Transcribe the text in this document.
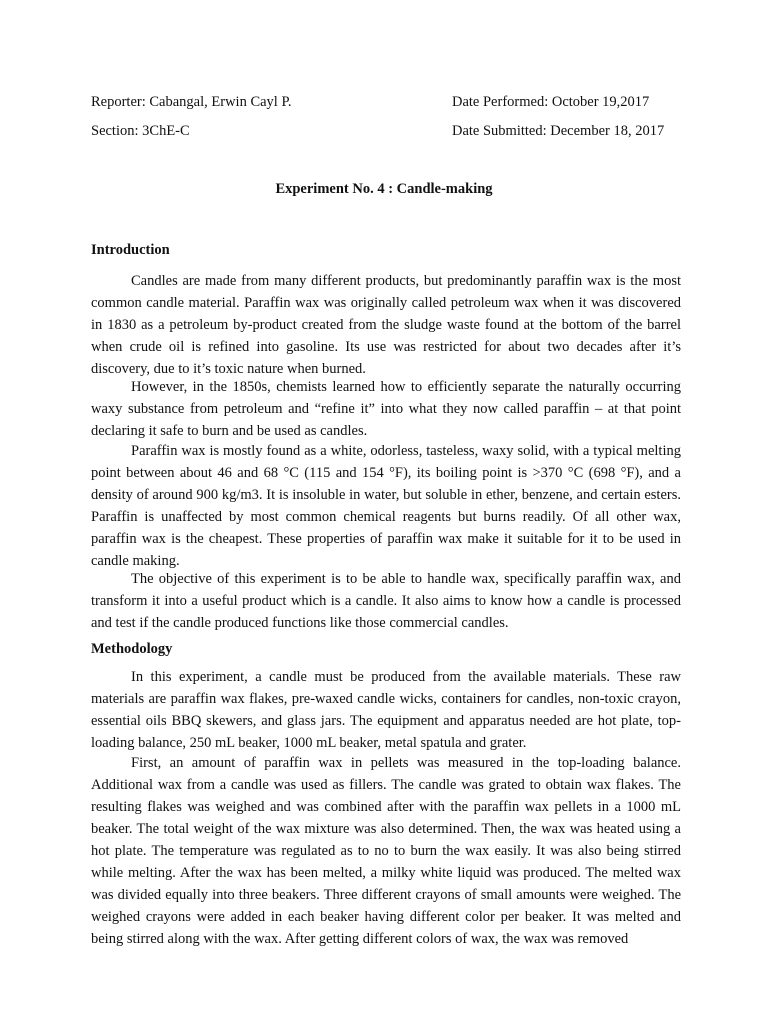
Reporter: Cabangal, Erwin Cayl P.	Date Performed: October 19,2017
Section: 3ChE-C	Date Submitted: December 18, 2017
Experiment No. 4 : Candle-making
Introduction

Candles are made from many different products, but predominantly paraffin wax is the most common candle material. Paraffin wax was originally called petroleum wax when it was discovered in 1830 as a petroleum by-product created from the sludge waste found at the bottom of the barrel when crude oil is refined into gasoline. Its use was restricted for about two decades after it’s discovery, due to it’s toxic nature when burned.

However, in the 1850s, chemists learned how to efficiently separate the naturally occurring waxy substance from petroleum and “refine it” into what they now called paraffin – at that point declaring it safe to burn and be used as candles.

Paraffin wax is mostly found as a white, odorless, tasteless, waxy solid, with a typical melting point between about 46 and 68 °C (115 and 154 °F), its boiling point is >370 °C (698 °F), and a density of around 900 kg/m3. It is insoluble in water, but soluble in ether, benzene, and certain esters. Paraffin is unaffected by most common chemical reagents but burns readily. Of all other wax, paraffin wax is the cheapest. These properties of paraffin wax make it suitable for it to be used in candle making.

The objective of this experiment is to be able to handle wax, specifically paraffin wax, and transform it into a useful product which is a candle. It also aims to know how a candle is processed and test if the candle produced functions like those commercial candles.

Methodology

In this experiment, a candle must be produced from the available materials. These raw materials are paraffin wax flakes, pre-waxed candle wicks, containers for candles, non-toxic crayon, essential oils BBQ skewers, and glass jars. The equipment and apparatus needed are hot plate, top-loading balance, 250 mL beaker, 1000 mL beaker, metal spatula and grater.

First, an amount of paraffin wax in pellets was measured in the top-loading balance. Additional wax from a candle was used as fillers. The candle was grated to obtain wax flakes. The resulting flakes was weighed and was combined after with the paraffin wax pellets in a 1000 mL beaker. The total weight of the wax mixture was also determined. Then, the wax was heated using a hot plate. The temperature was regulated as to no to burn the wax easily. It was also being stirred while melting. After the wax has been melted, a milky white liquid was produced. The melted wax was divided equally into three beakers. Three different crayons of small amounts were weighed. The weighed crayons were added in each beaker having different color per beaker. It was melted and being stirred along with the wax. After getting different colors of wax, the wax was removed
